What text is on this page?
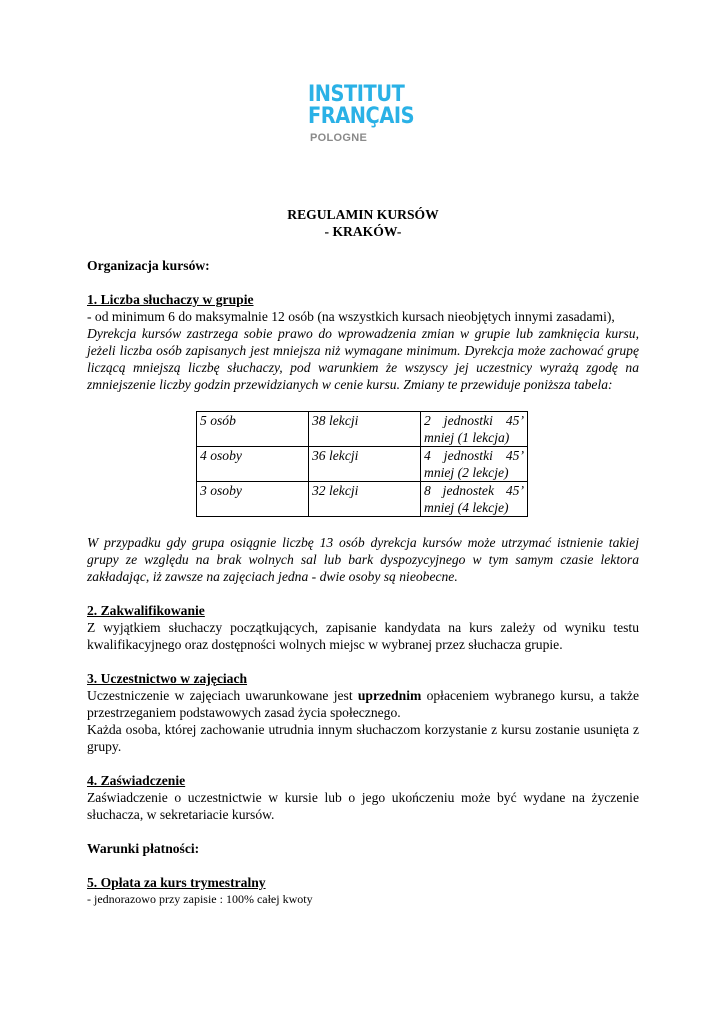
INSTITUT
FRANÇAIS
POLOGNE
REGULAMIN KURSÓW
- KRAKÓW-
Organizacja kursów:
1. Liczba słuchaczy w grupie
- od minimum 6 do maksymalnie 12 osób (na wszystkich kursach nieobjętych innymi zasadami),
Dyrekcja kursów zastrzega sobie prawo do wprowadzenia zmian w grupie lub zamknięcia kursu, jeżeli liczba osób zapisanych jest mniejsza niż wymagane minimum. Dyrekcja może zachować grupę liczącą mniejszą liczbę słuchaczy, pod warunkiem że wszyscy jej uczestnicy wyrażą zgodę na zmniejszenie liczby godzin przewidzianych w cenie kursu. Zmiany te przewiduje poniższa tabela:
5 osób	38 lekcji	2 jednostki 45’ mniej (1 lekcja)
4 osoby	36 lekcji	4 jednostki 45’ mniej (2 lekcje)
3 osoby	32 lekcji	8 jednostek 45’ mniej (4 lekcje)
W przypadku gdy grupa osiągnie liczbę 13 osób dyrekcja kursów może utrzymać istnienie takiej grupy ze względu na brak wolnych sal lub bark dyspozycyjnego w tym samym czasie lektora zakładając, iż zawsze na zajęciach jedna - dwie osoby są nieobecne.
2. Zakwalifikowanie
Z wyjątkiem słuchaczy początkujących, zapisanie kandydata na kurs zależy od wyniku testu kwalifikacyjnego oraz dostępności wolnych miejsc w wybranej przez słuchacza grupie.
3. Uczestnictwo w zajęciach
Uczestniczenie w zajęciach uwarunkowane jest uprzednim opłaceniem wybranego kursu, a także przestrzeganiem podstawowych zasad życia społecznego.
Każda osoba, której zachowanie utrudnia innym słuchaczom korzystanie z kursu zostanie usunięta z grupy.
4. Zaświadczenie
Zaświadczenie o uczestnictwie w kursie lub o jego ukończeniu może być wydane na życzenie słuchacza, w sekretariacie kursów.
Warunki płatności:
5. Opłata za kurs trymestralny
- jednorazowo przy zapisie : 100% całej kwoty
